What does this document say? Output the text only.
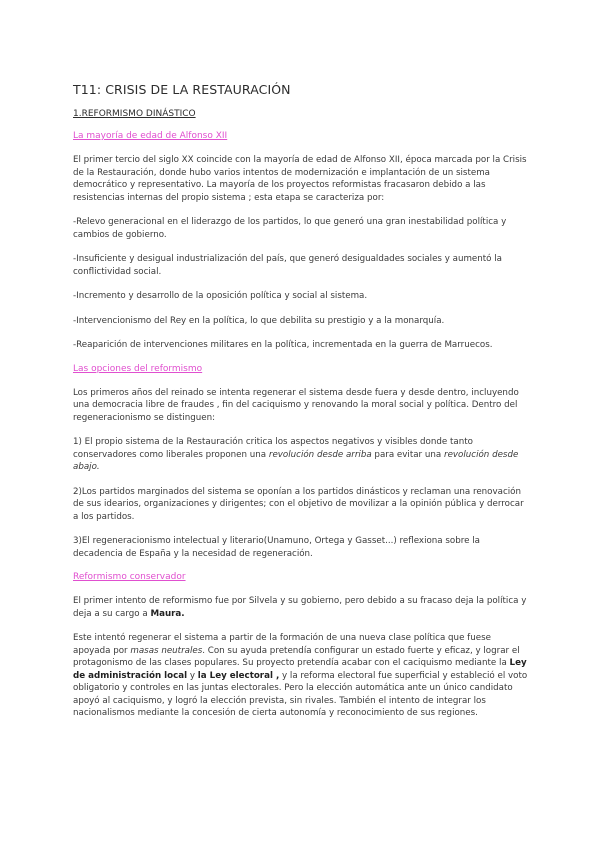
T11: CRISIS DE LA RESTAURACIÓN
1.REFORMISMO DINÁSTICO
La mayoría de edad de Alfonso XII

El primer tercio del siglo XX coincide con la mayoría de edad de Alfonso XII, época marcada por la Crisis de la Restauración, donde hubo varios intentos de modernización e implantación de un sistema democrático y representativo. La mayoría de los proyectos reformistas fracasaron debido a las resistencias internas del propio sistema ; esta etapa se caracteriza por:

-Relevo generacional en el liderazgo de los partidos, lo que generó una gran inestabilidad política y cambios de gobierno.

-Insuficiente y desigual industrialización del país, que generó desigualdades sociales y aumentó la conflictividad social.

-Incremento y desarrollo de la oposición política y social al sistema.

-Intervencionismo del Rey en la política, lo que debilita su prestigio y a la monarquía.

-Reaparición de intervenciones militares en la política, incrementada en la guerra de Marruecos.

Las opciones del reformismo

Los primeros años del reinado se intenta regenerar el sistema desde fuera y desde dentro, incluyendo una democracia libre de fraudes , fin del caciquismo y renovando la moral social y política. Dentro del regeneracionismo se distinguen:

1) El propio sistema de la Restauración critica los aspectos negativos y visibles donde tanto conservadores como liberales proponen una revolución desde arriba para evitar una revolución desde abajo.

2)Los partidos marginados del sistema se oponían a los partidos dinásticos y reclaman una renovación de sus idearios, organizaciones y dirigentes; con el objetivo de movilizar a la opinión pública y derrocar a los partidos.

3)El regeneracionismo intelectual y literario(Unamuno, Ortega y Gasset...) reflexiona sobre la decadencia de España y la necesidad de regeneración.

Reformismo conservador

El primer intento de reformismo fue por Silvela y su gobierno, pero debido a su fracaso deja la política y deja a su cargo a Maura.

Este intentó regenerar el sistema a partir de la formación de una nueva clase política que fuese apoyada por masas neutrales. Con su ayuda pretendía configurar un estado fuerte y eficaz, y lograr el protagonismo de las clases populares. Su proyecto pretendía acabar con el caciquismo mediante la Ley de administración local y la Ley electoral , y la reforma electoral fue superficial y estableció el voto obligatorio y controles en las juntas electorales. Pero la elección automática ante un único candidato apoyó al caciquismo, y logró la elección prevista, sin rivales. También el intento de integrar los nacionalismos mediante la concesión de cierta autonomía y reconocimiento de sus regiones.
